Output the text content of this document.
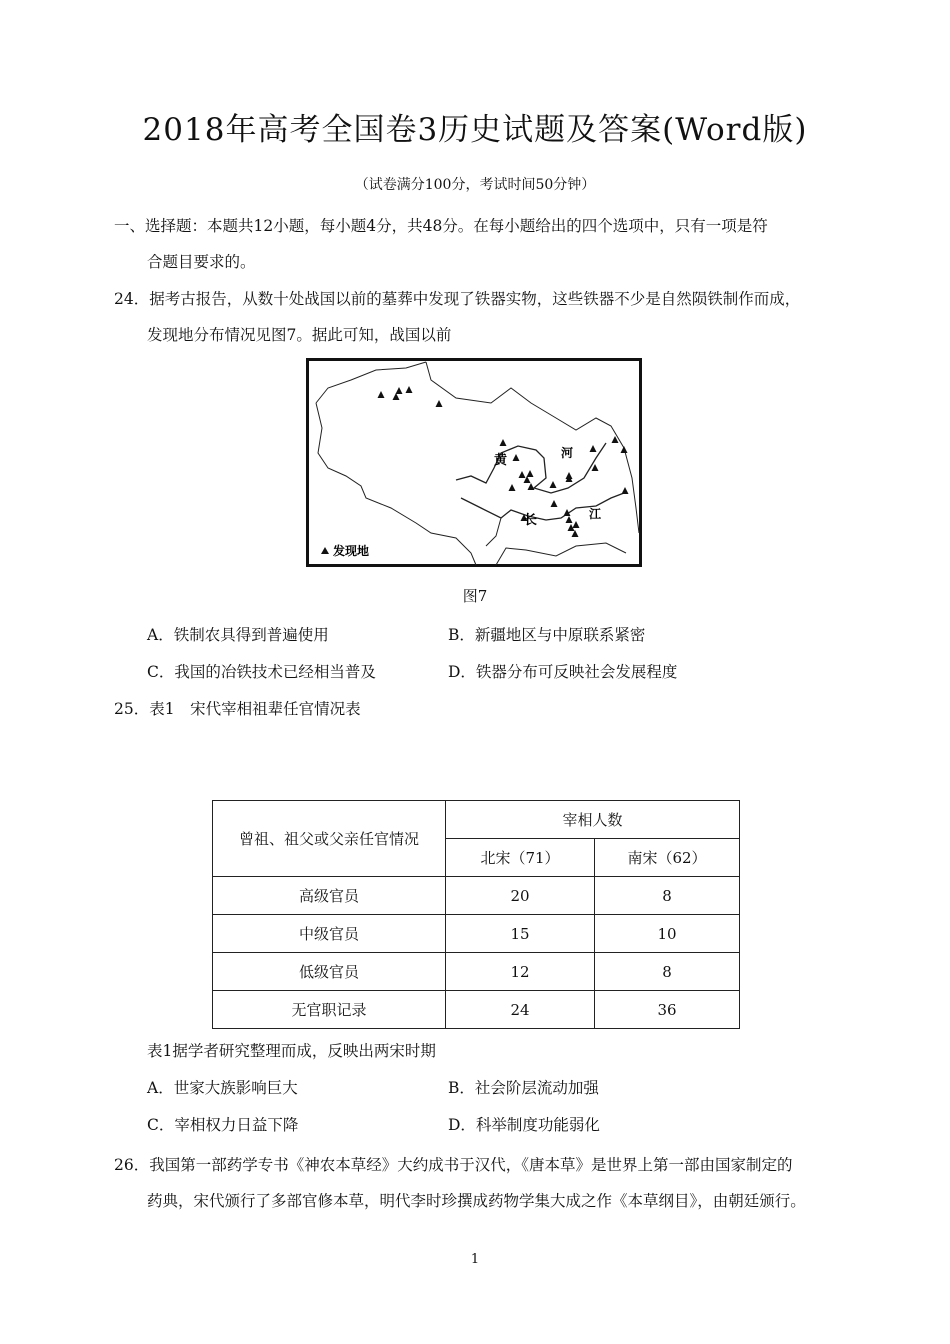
2018年高考全国卷3历史试题及答案(Word版)
（试卷满分100分，考试时间50分钟）
一、选择题：本题共12小题，每小题4分，共48分。在每小题给出的四个选项中，只有一项是符
合题目要求的。
24．据考古报告，从数十处战国以前的墓葬中发现了铁器实物，这些铁器不少是自然陨铁制作而成，
发现地分布情况见图7。据此可知，战国以前
黄	河
长	江
发现地
图7
A．铁制农具得到普遍使用	B．新疆地区与中原联系紧密
C．我国的冶铁技术已经相当普及	D．铁器分布可反映社会发展程度
25．表1　宋代宰相祖辈任官情况表
曾祖、祖父或父亲任官情况	宰相人数	
	北宋（71）	南宋（62）
高级官员	20	8
中级官员	15	10
低级官员	12	8
无官职记录	24	36
表1据学者研究整理而成，反映出两宋时期
A．世家大族影响巨大	B．社会阶层流动加强
C．宰相权力日益下降	D．科举制度功能弱化
26．我国第一部药学专书《神农本草经》大约成书于汉代，《唐本草》是世界上第一部由国家制定的
药典，宋代颁行了多部官修本草，明代李时珍撰成药物学集大成之作《本草纲目》，由朝廷颁行。
1
